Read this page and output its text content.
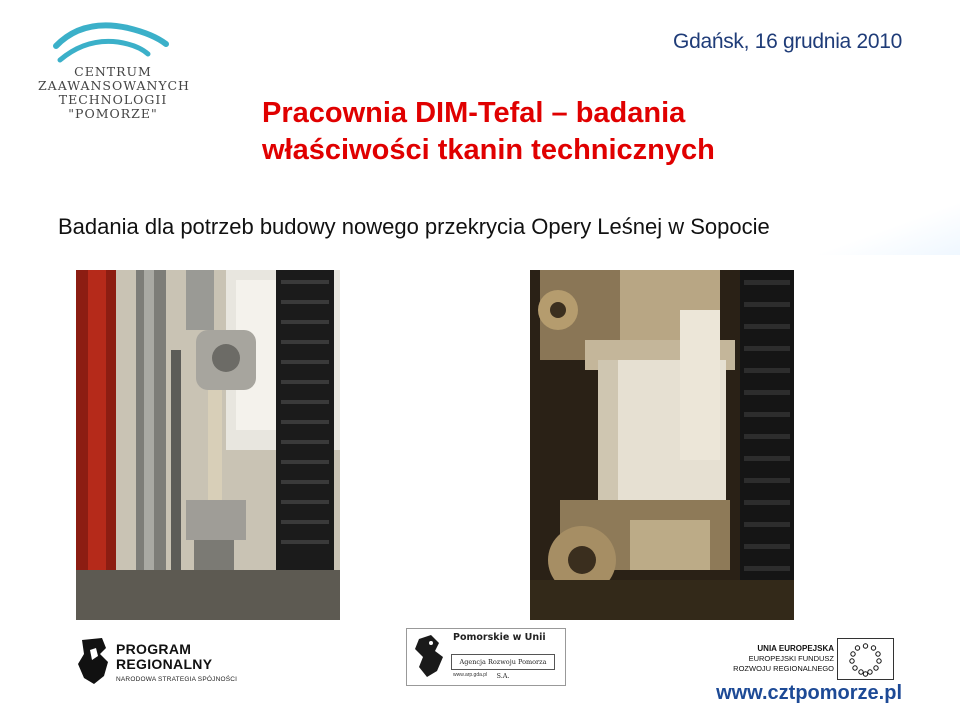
CENTRUM
ZAAWANSOWANYCH
TECHNOLOGII
"POMORZE"
Gdańsk, 16 grudnia 2010
Pracownia DIM-Tefal – badania
właściwości tkanin technicznych
Badania dla potrzeb budowy nowego przekrycia Opery Leśnej w Sopocie
PROGRAM
REGIONALNY
NARODOWA STRATEGIA SPÓJNOŚCI
Pomorskie w Unii
Agencja Rozwoju Pomorza S.A.
www.arp.gda.pl
UNIA EUROPEJSKA
EUROPEJSKI FUNDUSZ
ROZWOJU REGIONALNEGO
www.cztpomorze.pl
